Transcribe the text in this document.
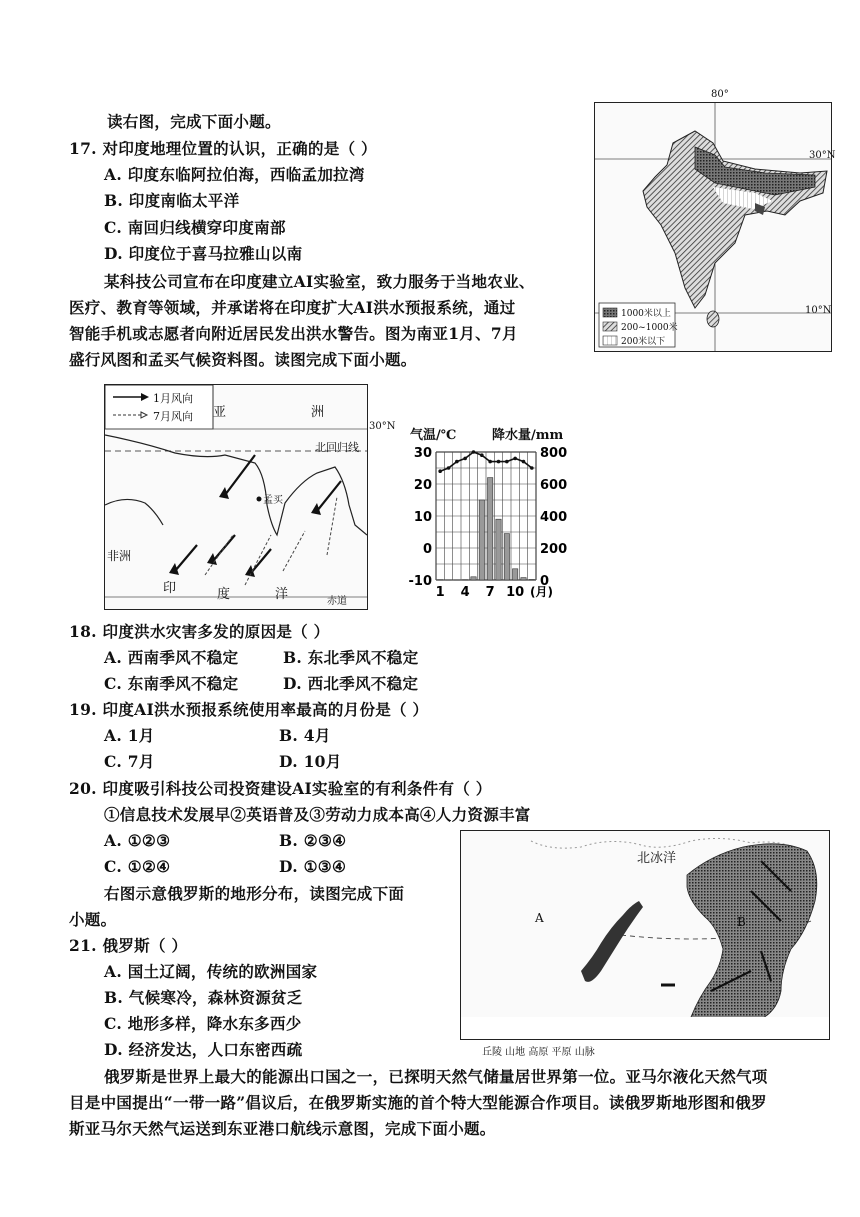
读右图，完成下面小题。
17. 对印度地理位置的认识，正确的是（ ）
A. 印度东临阿拉伯海，西临孟加拉湾
B. 印度南临太平洋
C. 南回归线横穿印度南部
D. 印度位于喜马拉雅山以南
某科技公司宣布在印度建立AI实验室，致力服务于当地农业、
医疗、教育等领域，并承诺将在印度扩大AI洪水预报系统，通过
智能手机或志愿者向附近居民发出洪水警告。图为南亚1月、7月
盛行风图和孟买气候资料图。读图完成下面小题。
80°
30°N
10°N
1000米以上
200~1000米
200米以下
1月风向
7月风向 亚	洲
30°N
北回归线
孟买
非洲
印	度	洋	赤道
气温/℃	降水量/mm
30
20
10
0
-10
800
600
400
200
0
1 4 7 10 (月)
18. 印度洪水灾害多发的原因是（ ）
A. 西南季风不稳定	B. 东北季风不稳定
C. 东南季风不稳定	D. 西北季风不稳定
19. 印度AI洪水预报系统使用率最高的月份是（ ）
A. 1月	B. 4月
C. 7月	D. 10月
20. 印度吸引科技公司投资建设AI实验室的有利条件有（ ）
①信息技术发展早②英语普及③劳动力成本高④人力资源丰富
A. ①②③	B. ②③④
C. ①②④	D. ①③④
右图示意俄罗斯的地形分布，读图完成下面
小题。
21. 俄罗斯（ ）
A. 国土辽阔，传统的欧洲国家
B. 气候寒冷，森林资源贫乏
C. 地形多样，降水东多西少
D. 经济发达，人口东密西疏
北冰洋
A	B
丘陵 山地 高原 平原 山脉
俄罗斯是世界上最大的能源出口国之一，已探明天然气储量居世界第一位。亚马尔液化天然气项
目是中国提出“一带一路”倡议后，在俄罗斯实施的首个特大型能源合作项目。读俄罗斯地形图和俄罗
斯亚马尔天然气运送到东亚港口航线示意图，完成下面小题。
